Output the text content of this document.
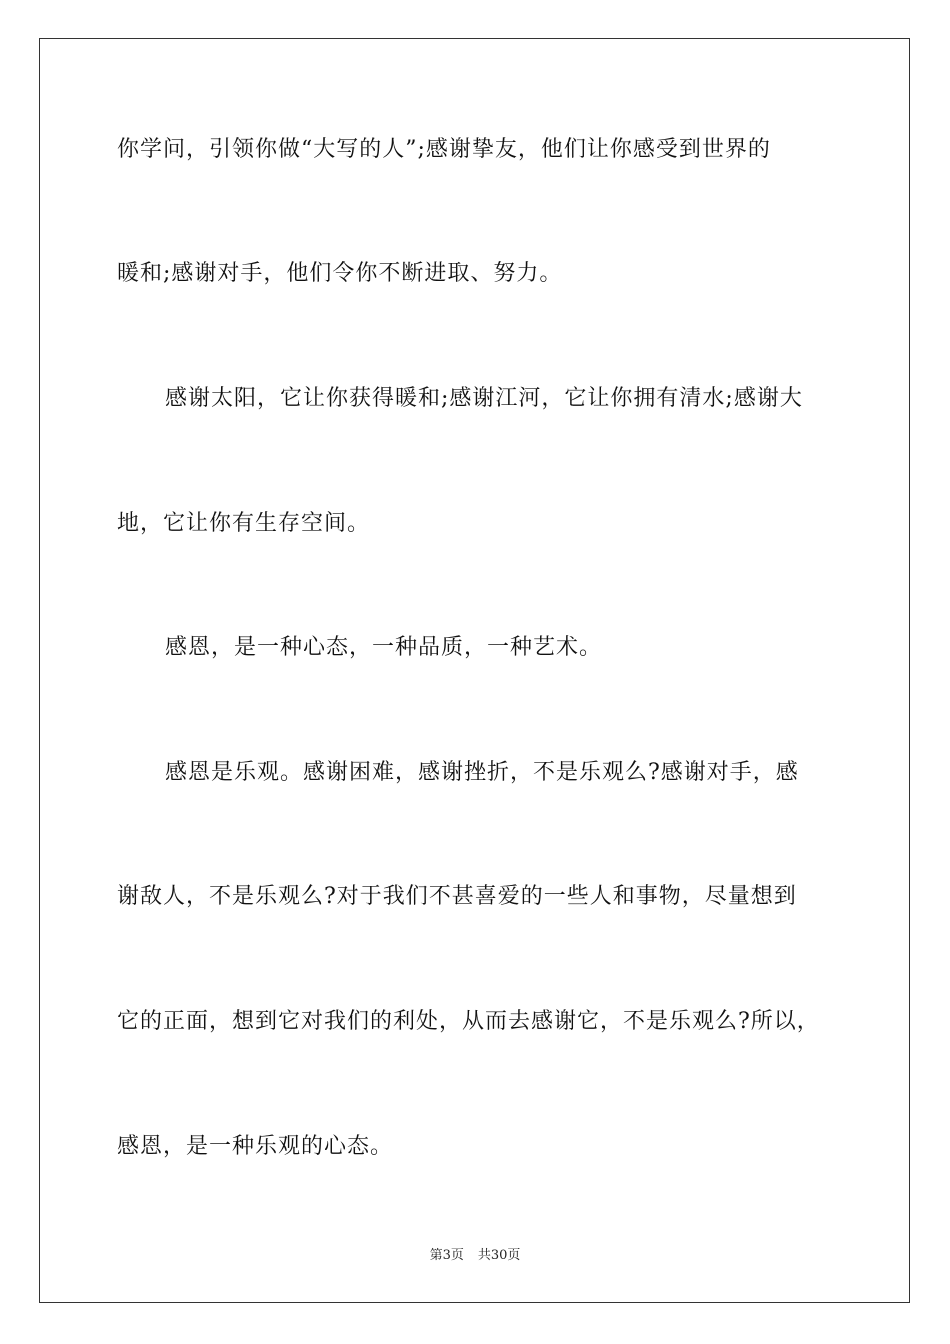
你学问，引领你做“大写的人”;感谢挚友，他们让你感受到世界的
暖和;感谢对手，他们令你不断进取、努力。
感谢太阳，它让你获得暖和;感谢江河，它让你拥有清水;感谢大
地，它让你有生存空间。
感恩，是一种心态，一种品质，一种艺术。
感恩是乐观。感谢困难，感谢挫折，不是乐观么?感谢对手，感
谢敌人，不是乐观么?对于我们不甚喜爱的一些人和事物，尽量想到
它的正面，想到它对我们的利处，从而去感谢它，不是乐观么?所以，
感恩，是一种乐观的心态。
第3页 共30页
